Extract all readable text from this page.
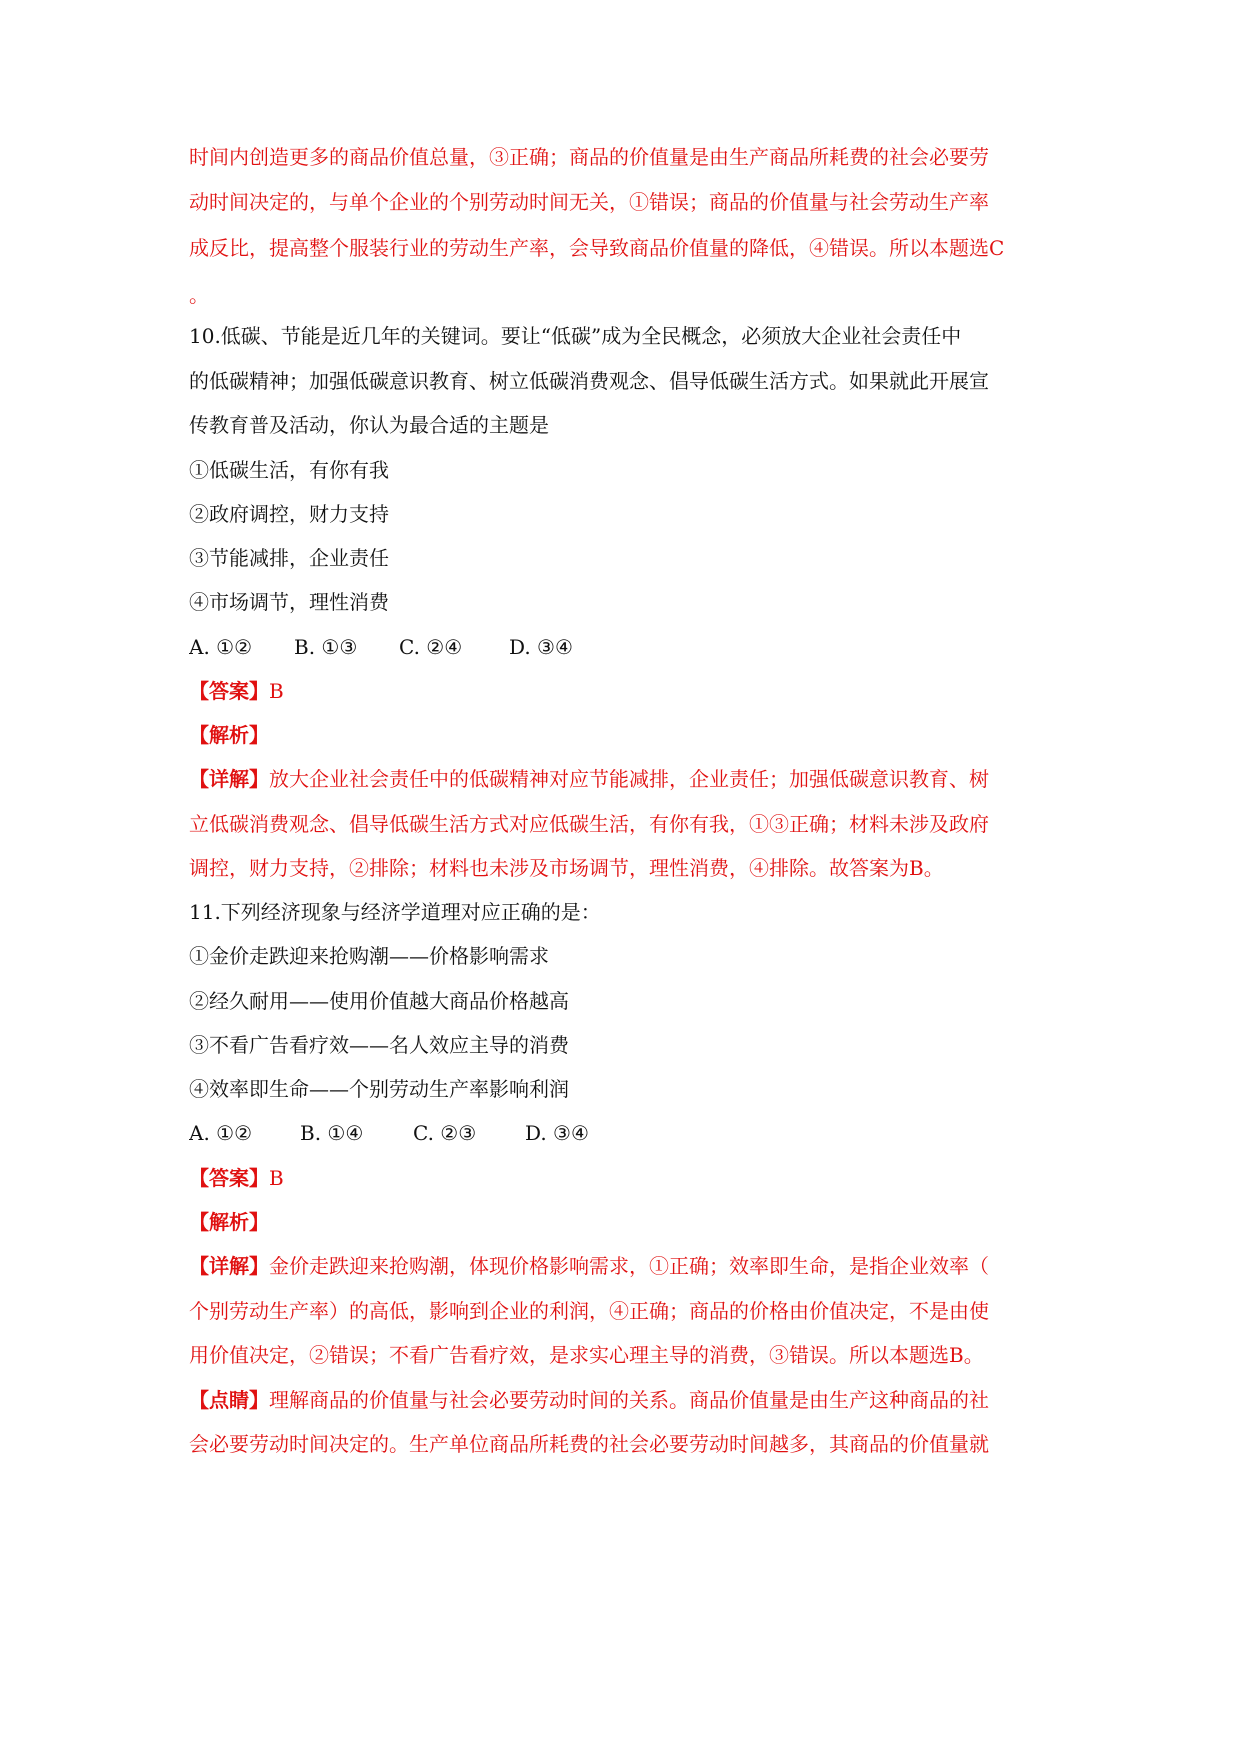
时间内创造更多的商品价值总量，③正确；商品的价值量是由生产商品所耗费的社会必要劳
动时间决定的，与单个企业的个别劳动时间无关，①错误；商品的价值量与社会劳动生产率
成反比，提高整个服装行业的劳动生产率，会导致商品价值量的降低，④错误。所以本题选C
。
10.低碳、节能是近几年的关键词。要让“低碳”成为全民概念，必须放大企业社会责任中
的低碳精神；加强低碳意识教育、树立低碳消费观念、倡导低碳生活方式。如果就此开展宣
传教育普及活动，你认为最合适的主题是
①低碳生活，有你有我
②政府调控，财力支持
③节能减排，企业责任
④市场调节，理性消费
A. ①② B. ①③ C. ②④ D. ③④
【答案】B
【解析】
【详解】放大企业社会责任中的低碳精神对应节能减排，企业责任；加强低碳意识教育、树
立低碳消费观念、倡导低碳生活方式对应低碳生活，有你有我，①③正确；材料未涉及政府
调控，财力支持，②排除；材料也未涉及市场调节，理性消费，④排除。故答案为B。
11.下列经济现象与经济学道理对应正确的是：
①金价走跌迎来抢购潮——价格影响需求
②经久耐用——使用价值越大商品价格越高
③不看广告看疗效——名人效应主导的消费
④效率即生命——个别劳动生产率影响利润
A. ①② B. ①④ C. ②③ D. ③④
【答案】B
【解析】
【详解】金价走跌迎来抢购潮，体现价格影响需求，①正确；效率即生命，是指企业效率（
个别劳动生产率）的高低，影响到企业的利润，④正确；商品的价格由价值决定，不是由使
用价值决定，②错误；不看广告看疗效，是求实心理主导的消费，③错误。所以本题选B。
【点睛】理解商品的价值量与社会必要劳动时间的关系。商品价值量是由生产这种商品的社
会必要劳动时间决定的。生产单位商品所耗费的社会必要劳动时间越多，其商品的价值量就
